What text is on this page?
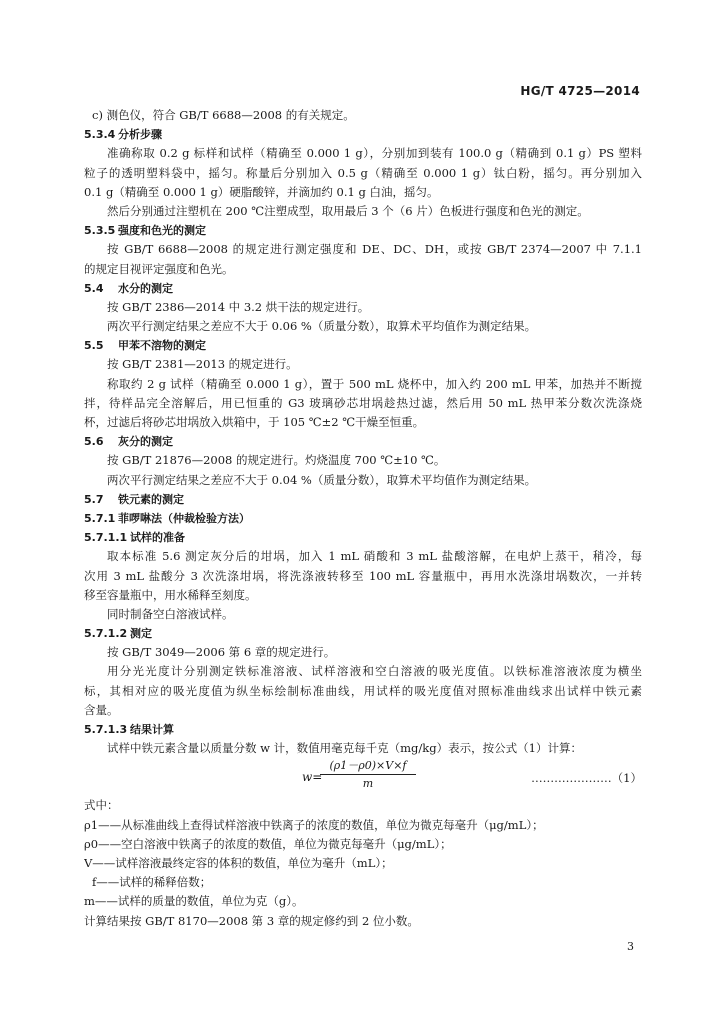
HG/T 4725—2014
c) 测色仪，符合 GB/T 6688—2008 的有关规定。
5.3.4 分析步骤
准确称取 0.2 g 标样和试样（精确至 0.000 1 g），分别加到装有 100.0 g（精确到 0.1 g）PS 塑料
粒子的透明塑料袋中，摇匀。称量后分别加入 0.5 g（精确至 0.000 1 g）钛白粉，摇匀。再分别加入
0.1 g（精确至 0.000 1 g）硬脂酸锌，并滴加约 0.1 g 白油，摇匀。
然后分别通过注塑机在 200 ℃注塑成型，取用最后 3 个（6 片）色板进行强度和色光的测定。
5.3.5 强度和色光的测定
按 GB/T 6688—2008 的规定进行测定强度和 DE、DC、DH，或按 GB/T 2374—2007 中 7.1.1
的规定目视评定强度和色光。
5.4 水分的测定
按 GB/T 2386—2014 中 3.2 烘干法的规定进行。
两次平行测定结果之差应不大于 0.06 %（质量分数），取算术平均值作为测定结果。
5.5 甲苯不溶物的测定
按 GB/T 2381—2013 的规定进行。
称取约 2 g 试样（精确至 0.000 1 g），置于 500 mL 烧杯中，加入约 200 mL 甲苯，加热并不断搅
拌，待样品完全溶解后，用已恒重的 G3 玻璃砂芯坩埚趁热过滤，然后用 50 mL 热甲苯分数次洗涤烧
杯，过滤后将砂芯坩埚放入烘箱中，于 105 ℃±2 ℃干燥至恒重。
5.6 灰分的测定
按 GB/T 21876—2008 的规定进行。灼烧温度 700 ℃±10 ℃。
两次平行测定结果之差应不大于 0.04 %（质量分数），取算术平均值作为测定结果。
5.7 铁元素的测定
5.7.1 菲啰啉法（仲裁检验方法）
5.7.1.1 试样的准备
取本标准 5.6 测定灰分后的坩埚，加入 1 mL 硝酸和 3 mL 盐酸溶解，在电炉上蒸干，稍冷，每
次用 3 mL 盐酸分 3 次洗涤坩埚，将洗涤液转移至 100 mL 容量瓶中，再用水洗涤坩埚数次，一并转
移至容量瓶中，用水稀释至刻度。
同时制备空白溶液试样。
5.7.1.2 测定
按 GB/T 3049—2006 第 6 章的规定进行。
用分光光度计分别测定铁标准溶液、试样溶液和空白溶液的吸光度值。以铁标准溶液浓度为横坐
标，其相对应的吸光度值为纵坐标绘制标准曲线，用试样的吸光度值对照标准曲线求出试样中铁元素
含量。
5.7.1.3 结果计算
试样中铁元素含量以质量分数 w 计，数值用毫克每千克（mg/kg）表示，按公式（1）计算：
w=
$\frac{(\rho 1-\rho 0)\times V\times f}{m}$	…………………（1）
式中：
ρ1——从标准曲线上查得试样溶液中铁离子的浓度的数值，单位为微克每毫升（μg/mL）；
ρ0——空白溶液中铁离子的浓度的数值，单位为微克每毫升（μg/mL）；
V——试样溶液最终定容的体积的数值，单位为毫升（mL）；
f——试样的稀释倍数；
m——试样的质量的数值，单位为克（g）。
计算结果按 GB/T 8170—2008 第 3 章的规定修约到 2 位小数。
3
